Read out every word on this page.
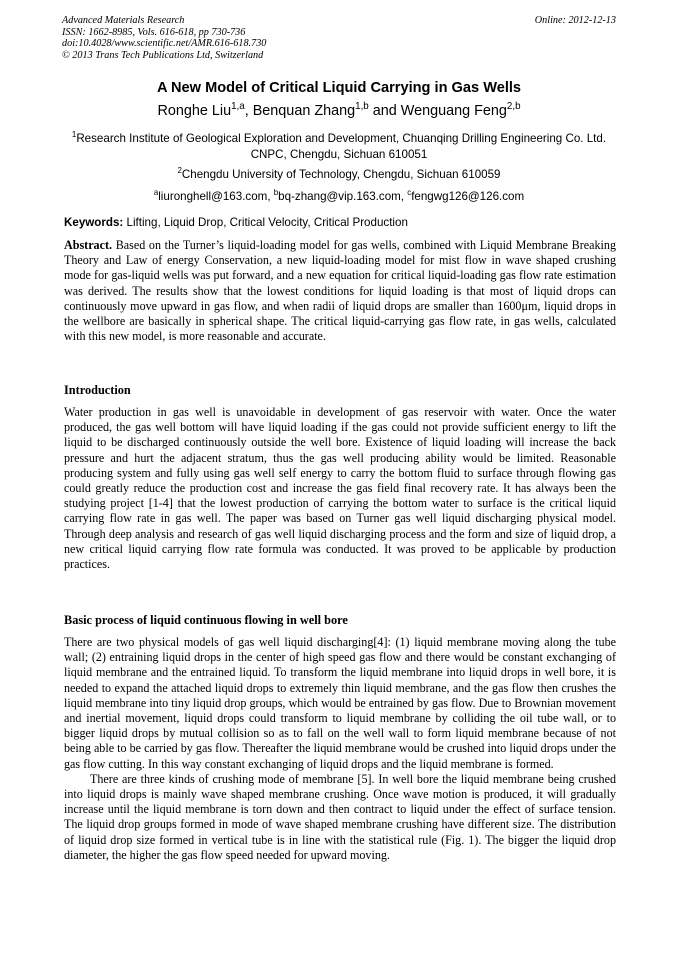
Advanced Materials Research
ISSN: 1662-8985, Vols. 616-618, pp 730-736
doi:10.4028/www.scientific.net/AMR.616-618.730
© 2013 Trans Tech Publications Ltd, Switzerland
Online: 2012-12-13
A New Model of Critical Liquid Carrying in Gas Wells
Ronghe Liu$^{1,a}$, Benquan Zhang$^{1,b}$ and Wenguang Feng$^{2,b}$
$^1$Research Institute of Geological Exploration and Development, Chuanqing Drilling Engineering Co. Ltd. CNPC, Chengdu, Sichuan 610051
$^2$Chengdu University of Technology, Chengdu, Sichuan 610059
$^a$liuronghell@163.com, $^b$bq-zhang@vip.163.com, $^c$fengwg126@126.com
Keywords: Lifting, Liquid Drop, Critical Velocity, Critical Production
Abstract. Based on the Turner’s liquid-loading model for gas wells, combined with Liquid Membrane Breaking Theory and Law of energy Conservation, a new liquid-loading model for mist flow in wave shaped crushing mode for gas-liquid wells was put forward, and a new equation for critical liquid-loading gas flow rate estimation was derived. The results show that the lowest conditions for liquid loading is that most of liquid drops can continuously move upward in gas flow, and when radii of liquid drops are smaller than 1600μm, liquid drops in the wellbore are basically in spherical shape. The critical liquid-carrying gas flow rate, in gas wells, calculated with this new model, is more reasonable and accurate.
Introduction

Water production in gas well is unavoidable in development of gas reservoir with water. Once the water produced, the gas well bottom will have liquid loading if the gas could not provide sufficient energy to lift the liquid to be discharged continuously outside the well bore. Existence of liquid loading will increase the back pressure and hurt the adjacent stratum, thus the gas well producing ability would be limited. Reasonable producing system and fully using gas well self energy to carry the bottom fluid to surface through flowing gas could greatly reduce the production cost and increase the gas field final recovery rate. It has always been the studying project [1-4] that the lowest production of carrying the bottom water to surface is the critical liquid carrying flow rate in gas well. The paper was based on Turner gas well liquid discharging physical model. Through deep analysis and research of gas well liquid discharging process and the form and size of liquid drop, a new critical liquid carrying flow rate formula was conducted. It was proved to be applicable by production practices.

Basic process of liquid continuous flowing in well bore

There are two physical models of gas well liquid discharging[4]: (1) liquid membrane moving along the tube wall; (2) entraining liquid drops in the center of high speed gas flow and there would be constant exchanging of liquid membrane and the entrained liquid. To transform the liquid membrane into liquid drops in well bore, it is needed to expand the attached liquid drops to extremely thin liquid membrane, and the gas flow then crushes the liquid membrane into tiny liquid drop groups, which would be entrained by gas flow. Due to Brownian movement and inertial movement, liquid drops could transform to liquid membrane by colliding the oil tube wall, or to bigger liquid drops by mutual collision so as to fall on the well wall to form liquid membrane because of not being able to be carried by gas flow. Thereafter the liquid membrane would be crushed into liquid drops under the gas flow cutting. In this way constant exchanging of liquid drops and the liquid membrane is formed.

There are three kinds of crushing mode of membrane [5]. In well bore the liquid membrane being crushed into liquid drops is mainly wave shaped membrane crushing. Once wave motion is produced, it will gradually increase until the liquid membrane is torn down and then contract to liquid under the effect of surface tension. The liquid drop groups formed in mode of wave shaped membrane crushing have different size. The distribution of liquid drop size formed in vertical tube is in line with the statistical rule (Fig. 1). The bigger the liquid drop diameter, the higher the gas flow speed needed for upward moving.
